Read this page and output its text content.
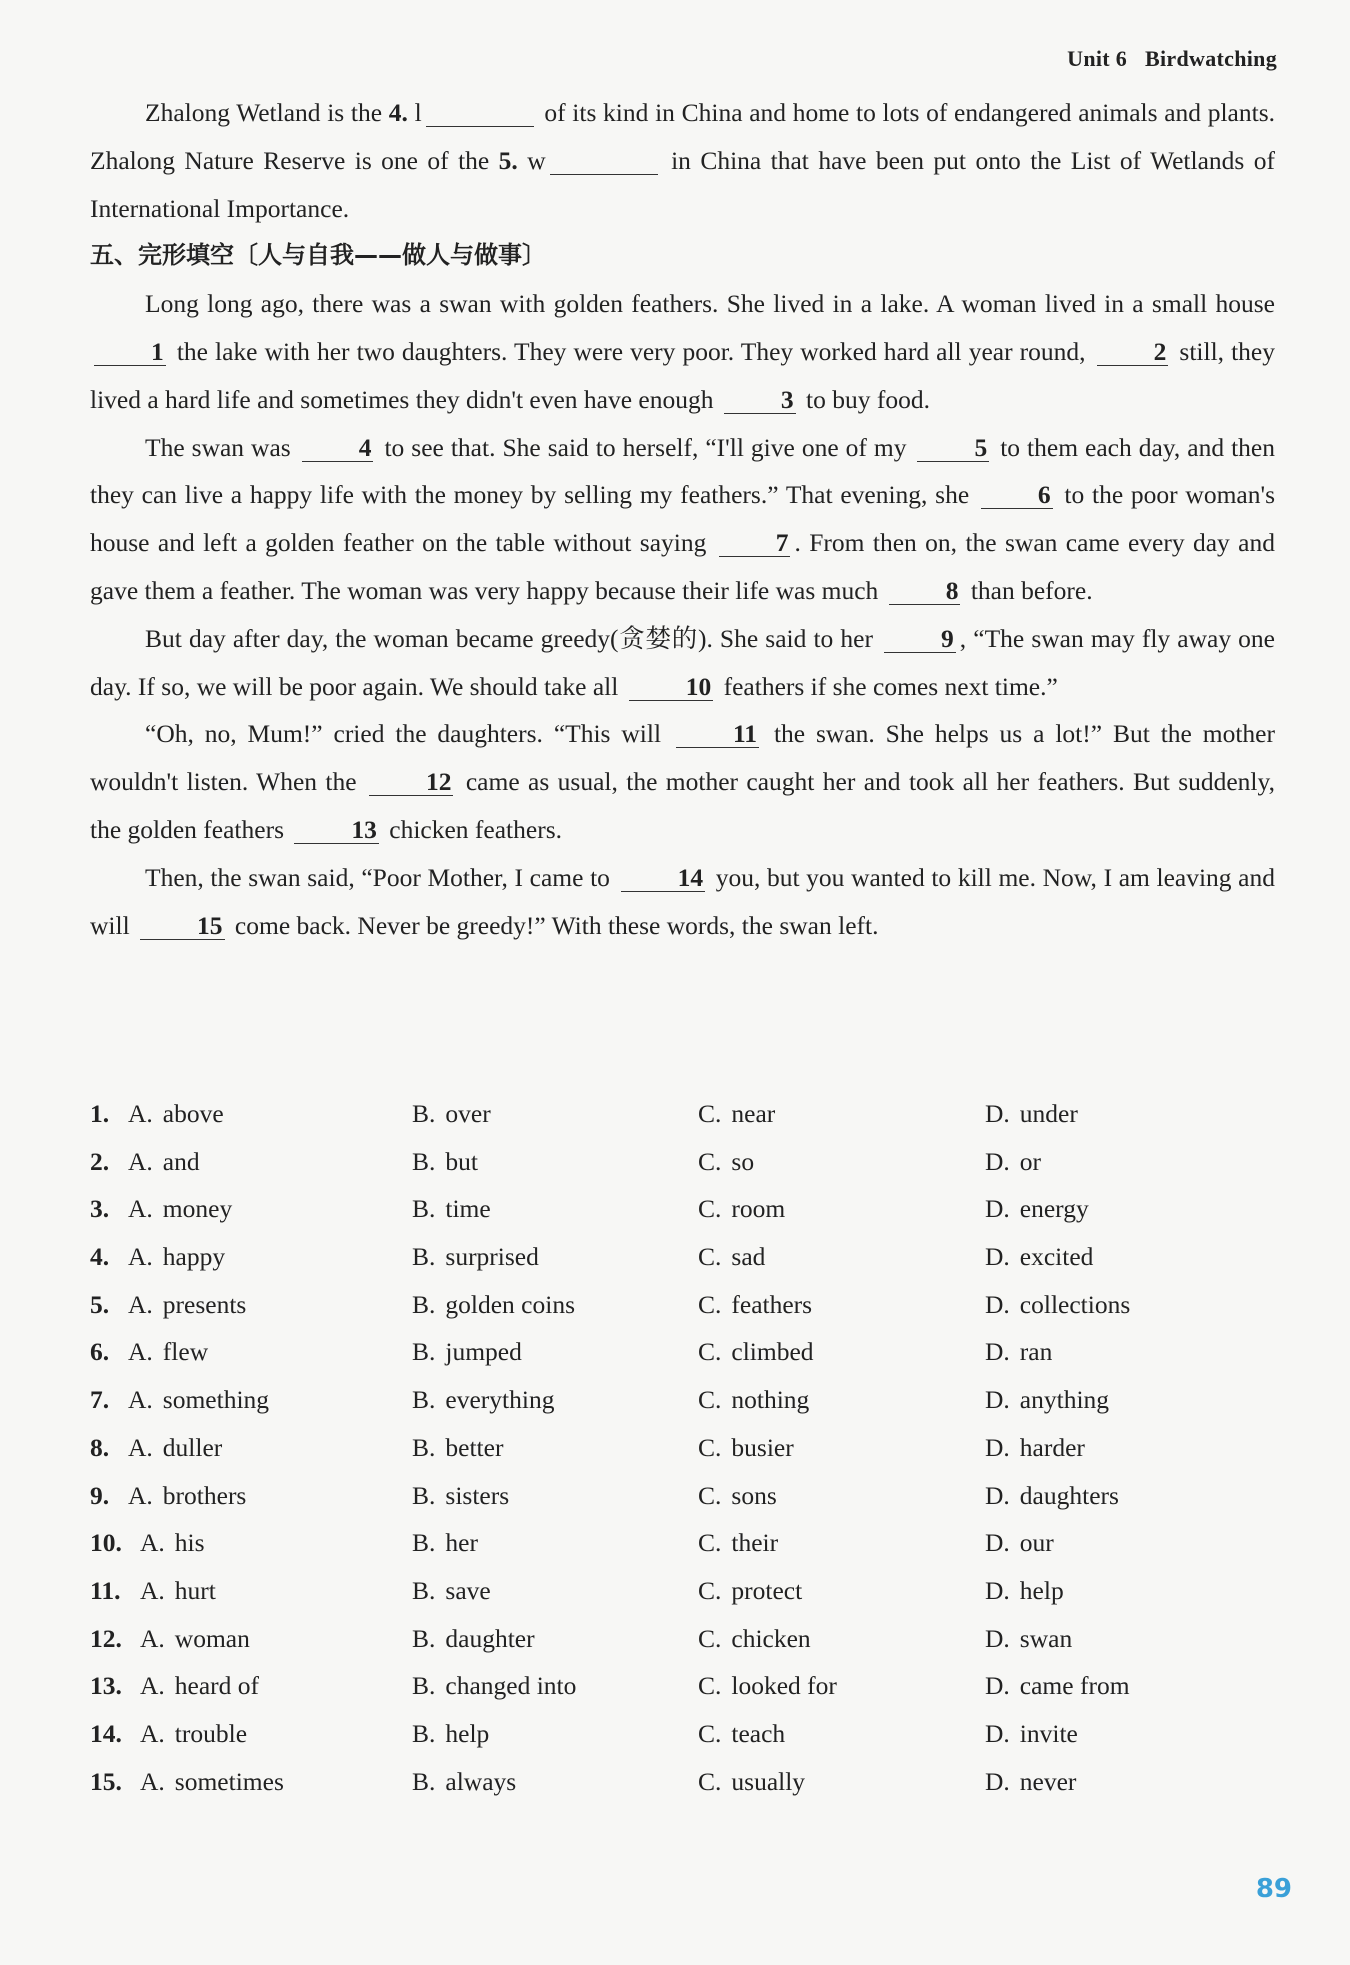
Unit 6 Birdwatching

Zhalong Wetland is the 4. l	of its kind in China and home to lots of endangered animals and plants. Zhalong Nature Reserve is one of the 5. w	in China that have been put onto the List of Wetlands of International Importance.

五、完形填空〔人与自我——做人与做事〕

Long long ago, there was a swan with golden feathers. She lived in a lake. A woman lived in a small house 1 the lake with her two daughters. They were very poor. They worked hard all year round, 2 still, they lived a hard life and sometimes they didn't even have enough 3 to buy food.

The swan was 4 to see that. She said to herself, “I'll give one of my 5 to them each day, and then they can live a happy life with the money by selling my feathers.” That evening, she 6 to the poor woman's house and left a golden feather on the table without saying 7 . From then on, the swan came every day and gave them a feather. The woman was very happy because their life was much 8 than before.

But day after day, the woman became greedy(贪婪的). She said to her 9 , “The swan may fly away one day. If so, we will be poor again. We should take all 10 feathers if she comes next time.”

“Oh, no, Mum!” cried the daughters. “This will 11 the swan. She helps us a lot!” But the mother wouldn't listen. When the 12 came as usual, the mother caught her and took all her feathers. But suddenly, the golden feathers 13 chicken feathers.

Then, the swan said, “Poor Mother, I came to 14 you, but you wanted to kill me. Now, I am leaving and will 15 come back. Never be greedy!” With these words, the swan left.

1. A. above	B. over	C. near	D. under
2. A. and	B. but	C. so	D. or
3. A. money	B. time	C. room	D. energy
4. A. happy	B. surprised	C. sad	D. excited
5. A. presents	B. golden coins	C. feathers	D. collections
6. A. flew	B. jumped	C. climbed	D. ran
7. A. something	B. everything	C. nothing	D. anything
8. A. duller	B. better	C. busier	D. harder
9. A. brothers	B. sisters	C. sons	D. daughters
10. A. his	B. her	C. their	D. our
11. A. hurt	B. save	C. protect	D. help
12. A. woman	B. daughter	C. chicken	D. swan
13. A. heard of	B. changed into	C. looked for	D. came from
14. A. trouble	B. help	C. teach	D. invite
15. A. sometimes	B. always	C. usually	D. never
89
